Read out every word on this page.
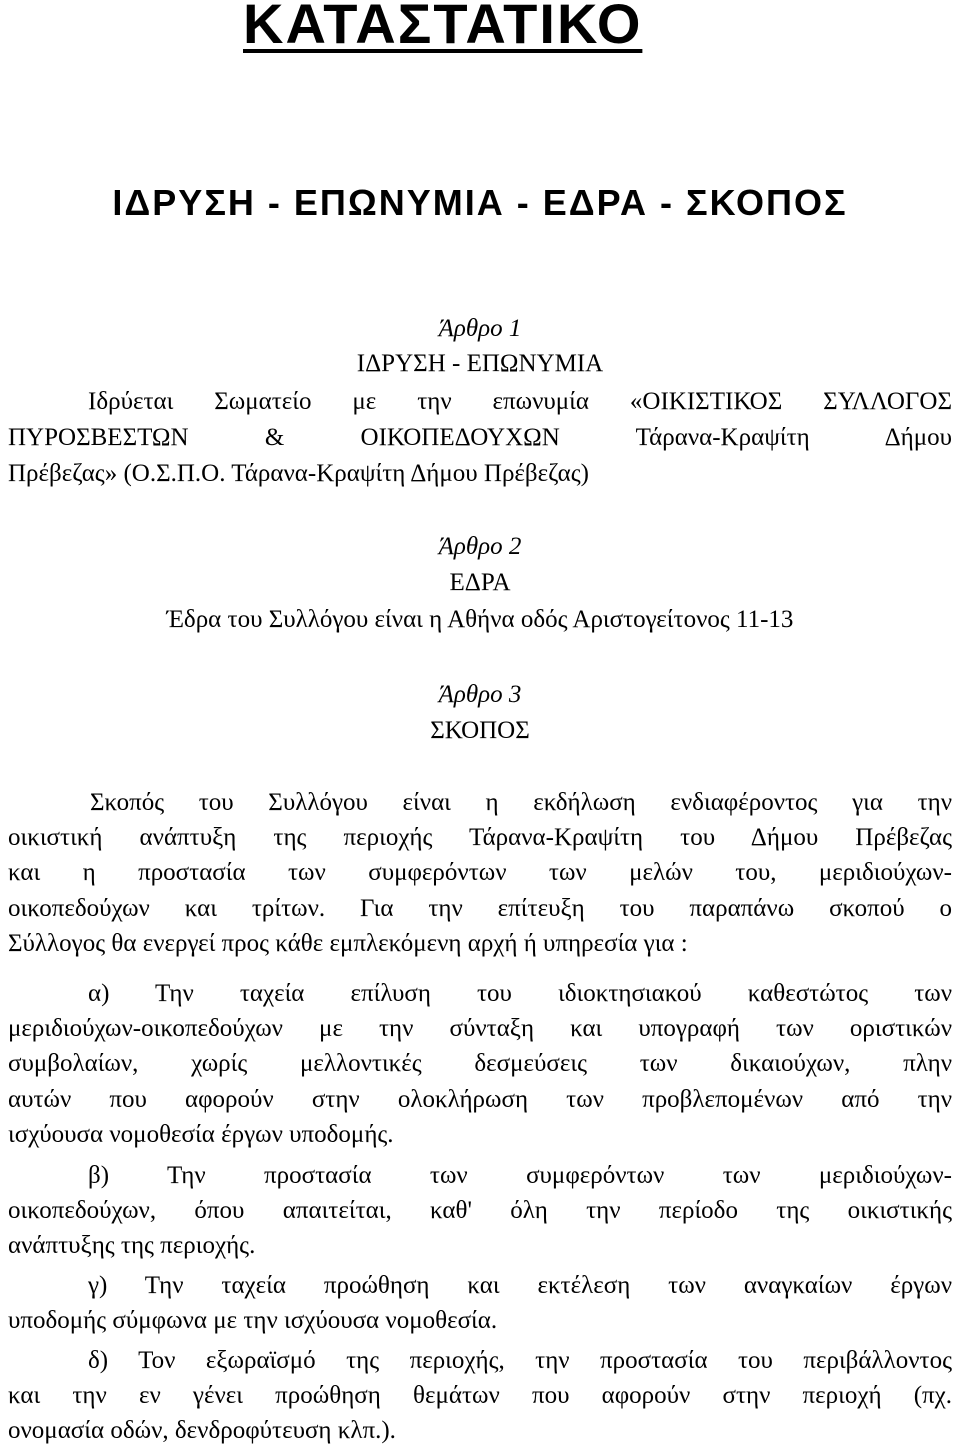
ΚΑΤΑΣΤΑΤΙΚΟ
ΙΔΡΥΣΗ - ΕΠΩΝΥΜΙΑ - ΕΔΡΑ - ΣΚΟΠΟΣ

Άρθρο 1

ΙΔΡΥΣΗ - ΕΠΩΝΥΜΙΑ

Ιδρύεται Σωματείο με την επωνυμία «ΟΙΚΙΣΤΙΚΟΣ ΣΥΛΛΟΓΟΣ
ΠΥΡΟΣΒΕΣΤΩΝ & ΟΙΚΟΠΕΔΟΥΧΩΝ Τάρανα-Κραψίτη Δήμου
Πρέβεζας» (Ο.Σ.Π.Ο. Τάρανα-Κραψίτη Δήμου Πρέβεζας)

Άρθρο 2

ΕΔΡΑ

Έδρα του Συλλόγου είναι η Αθήνα οδός Αριστογείτονος 11-13

Άρθρο 3

ΣΚΟΠΟΣ

Σκοπός του Συλλόγου είναι η εκδήλωση ενδιαφέροντος για την
οικιστική ανάπτυξη της περιοχής Τάρανα-Κραψίτη του Δήμου Πρέβεζας
και η προστασία των συμφερόντων των μελών του, μεριδιούχων-
οικοπεδούχων και τρίτων. Για την επίτευξη του παραπάνω σκοπού ο
Σύλλογος θα ενεργεί προς κάθε εμπλεκόμενη αρχή ή υπηρεσία για :
α) Την ταχεία επίλυση του ιδιοκτησιακού καθεστώτος των
μεριδιούχων-οικοπεδούχων με την σύνταξη και υπογραφή των οριστικών
συμβολαίων, χωρίς μελλοντικές δεσμεύσεις των δικαιούχων, πλην
αυτών που αφορούν στην ολοκλήρωση των προβλεπομένων από την
ισχύουσα νομοθεσία έργων υποδομής.
β) Την προστασία των συμφερόντων των μεριδιούχων-
οικοπεδούχων, όπου απαιτείται, καθ' όλη την περίοδο της οικιστικής
ανάπτυξης της περιοχής.
γ) Την ταχεία προώθηση και εκτέλεση των αναγκαίων έργων
υποδομής σύμφωνα με την ισχύουσα νομοθεσία.
δ) Τον εξωραϊσμό της περιοχής, την προστασία του περιβάλλοντος
και την εν γένει προώθηση θεμάτων που αφορούν στην περιοχή (πχ.
ονομασία οδών, δενδροφύτευση κλπ.).
